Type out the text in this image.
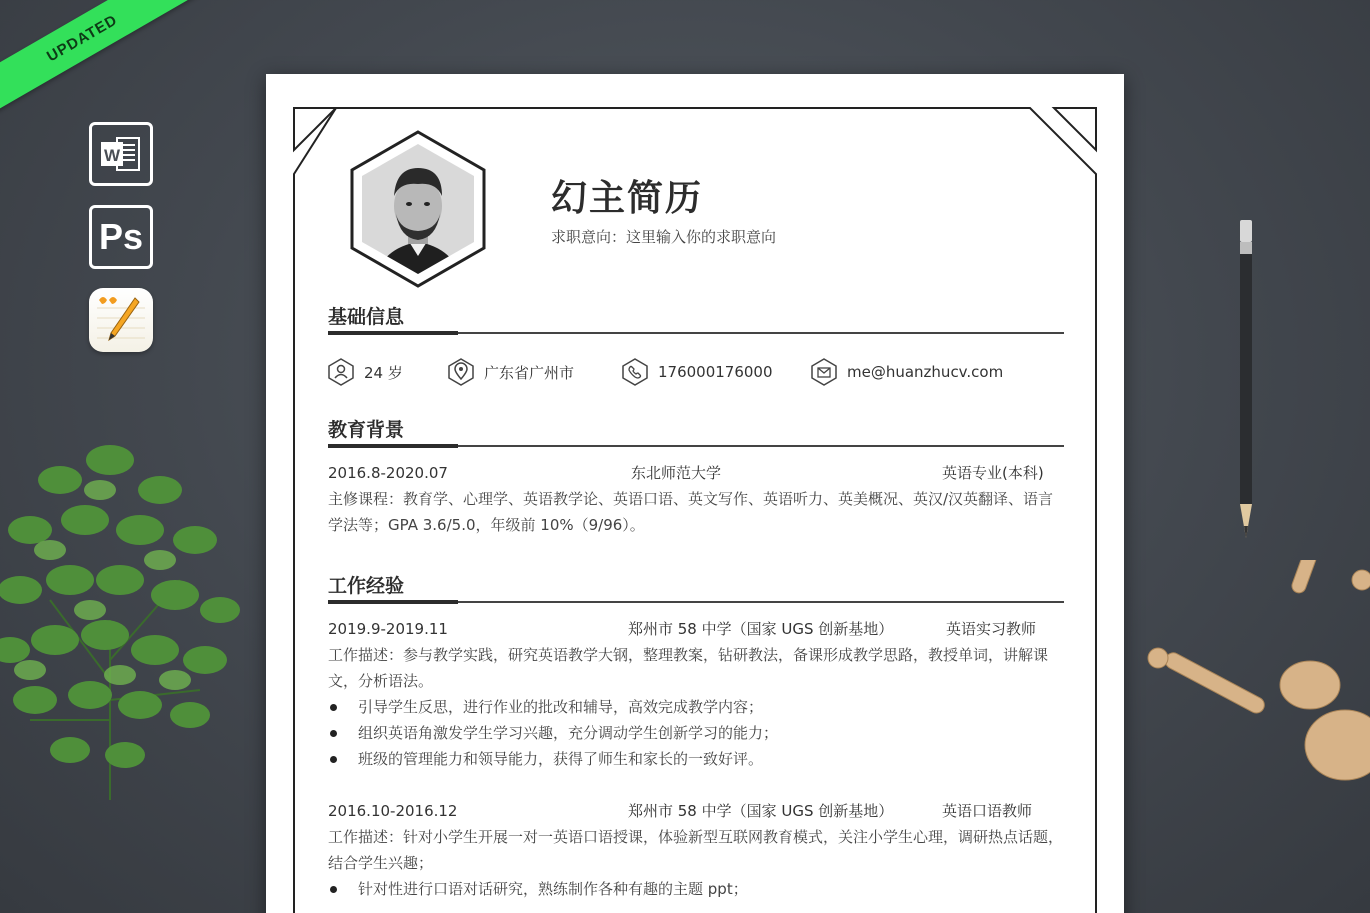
UPDATED
W
Ps
幻主简历
求职意向：这里输入你的求职意向
基础信息
24 岁	广东省广州市	176000176000	me@huanzhucv.com
教育背景
2016.8-2020.07	东北师范大学	英语专业(本科)
主修课程：教育学、心理学、英语教学论、英语口语、英文写作、英语听力、英美概况、英汉/汉英翻译、语言学法等；GPA 3.6/5.0，年级前 10%（9/96）。
工作经验
2019.9-2019.11	郑州市 58 中学（国家 UGS 创新基地）	英语实习教师
工作描述：参与教学实践，研究英语教学大钢，整理教案，钻研教法，备课形成教学思路，教授单词，讲解课文，分析语法。
引导学生反思，进行作业的批改和辅导，高效完成教学内容；
组织英语角激发学生学习兴趣，充分调动学生创新学习的能力；
班级的管理能力和领导能力，获得了师生和家长的一致好评。
2016.10-2016.12	郑州市 58 中学（国家 UGS 创新基地）	英语口语教师
工作描述：针对小学生开展一对一英语口语授课，体验新型互联网教育模式，关注小学生心理，调研热点话题，结合学生兴趣；
针对性进行口语对话研究，熟练制作各种有趣的主题 ppt；
